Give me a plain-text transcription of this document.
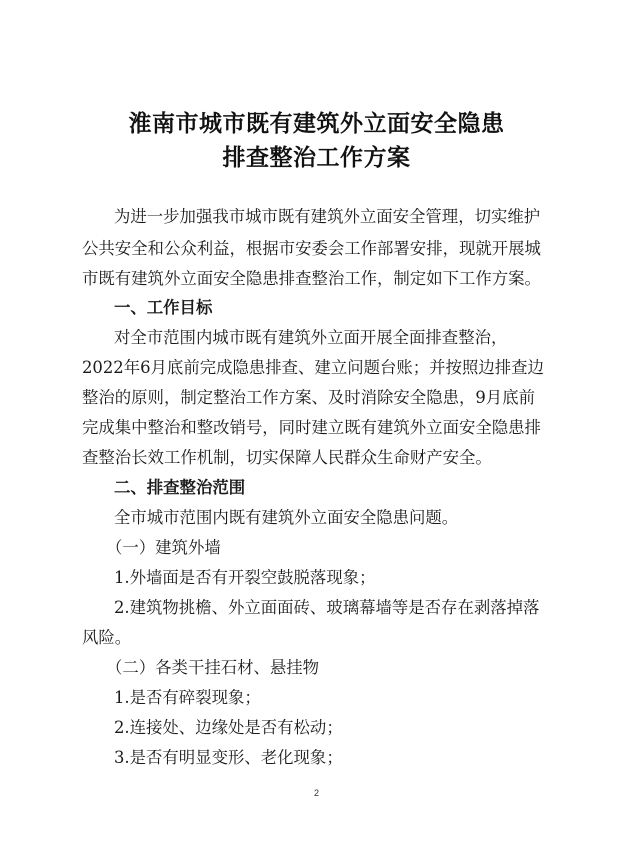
淮南市城市既有建筑外立面安全隐患
排查整治工作方案
为进一步加强我市城市既有建筑外立面安全管理，切实维护
公共安全和公众利益，根据市安委会工作部署安排，现就开展城
市既有建筑外立面安全隐患排查整治工作，制定如下工作方案。
一、工作目标
对全市范围内城市既有建筑外立面开展全面排查整治，
2022年6月底前完成隐患排查、建立问题台账；并按照边排查边
整治的原则，制定整治工作方案、及时消除安全隐患，9月底前
完成集中整治和整改销号，同时建立既有建筑外立面安全隐患排
查整治长效工作机制，切实保障人民群众生命财产安全。
二、排查整治范围
全市城市范围内既有建筑外立面安全隐患问题。
（一）建筑外墙
1.外墙面是否有开裂空鼓脱落现象；
2.建筑物挑檐、外立面面砖、玻璃幕墙等是否存在剥落掉落
风险。
（二）各类干挂石材、悬挂物
1.是否有碎裂现象；
2.连接处、边缘处是否有松动；
3.是否有明显变形、老化现象；
2
